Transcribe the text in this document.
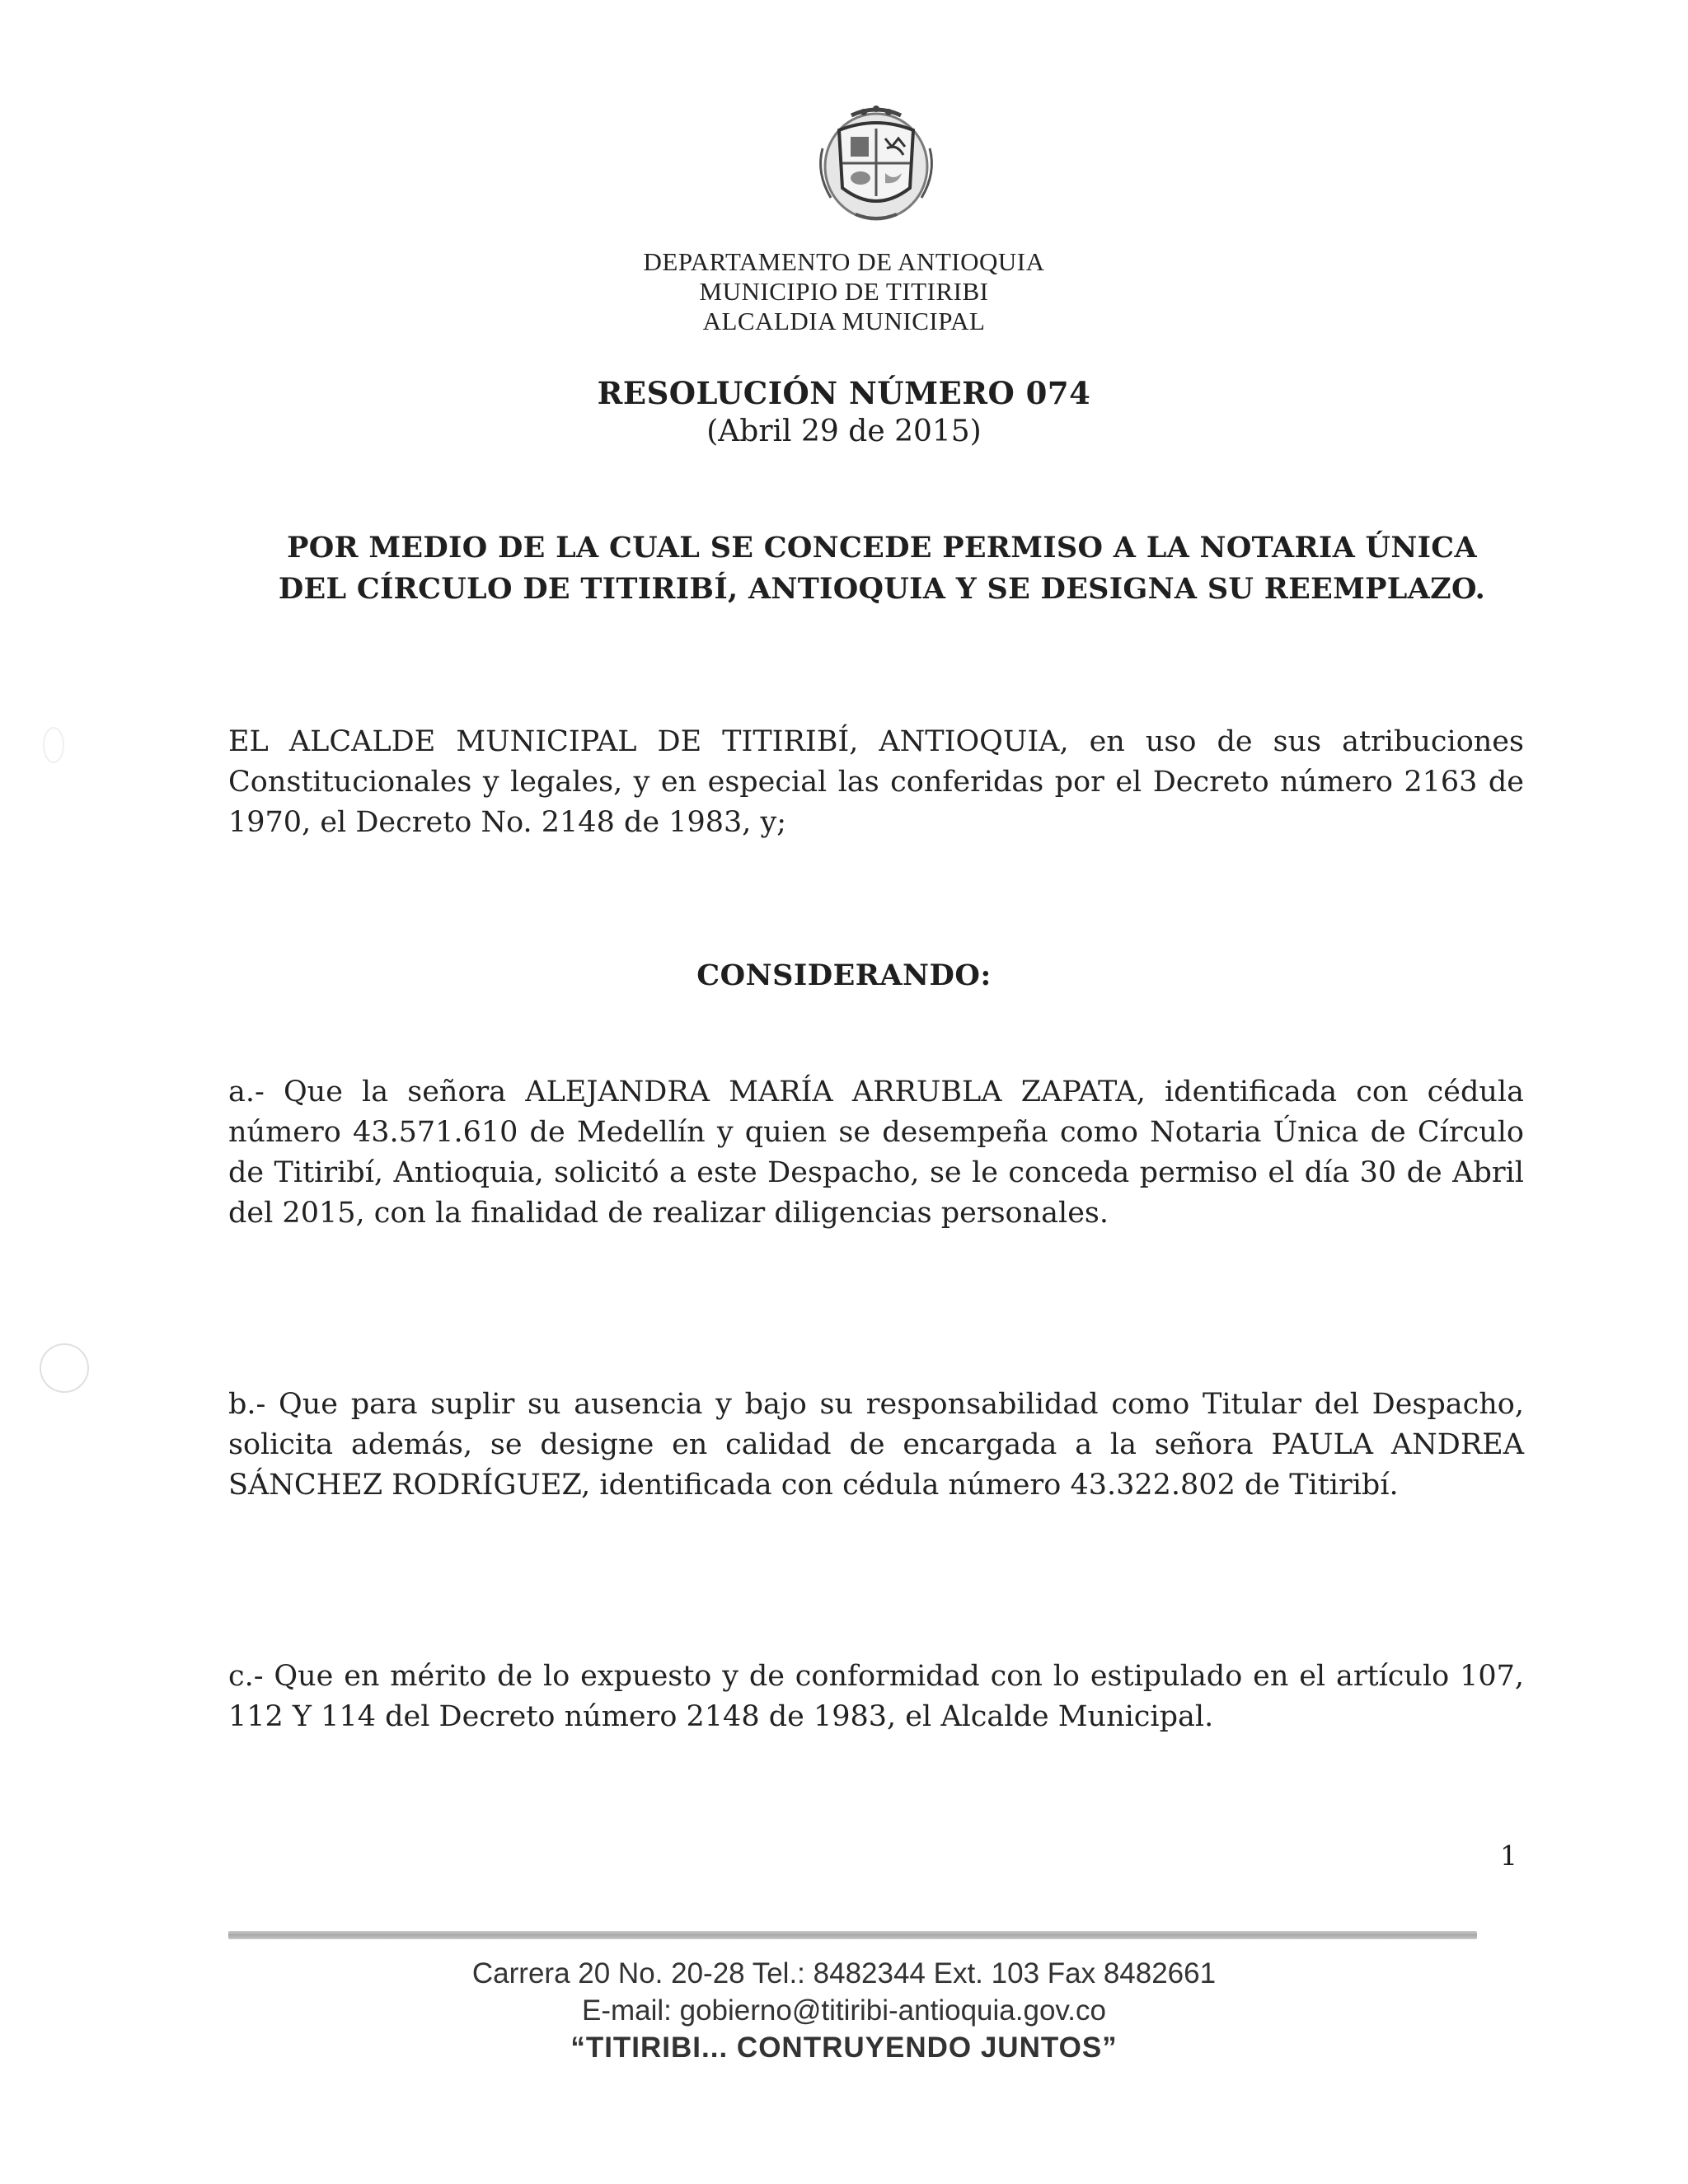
DEPARTAMENTO DE ANTIOQUIA
MUNICIPIO DE TITIRIBI
ALCALDIA MUNICIPAL
RESOLUCIÓN NÚMERO 074
(Abril 29 de 2015)
POR MEDIO DE LA CUAL SE CONCEDE PERMISO A LA NOTARIA ÚNICA
DEL CÍRCULO DE TITIRIBÍ, ANTIOQUIA Y SE DESIGNA SU REEMPLAZO.
EL ALCALDE MUNICIPAL DE TITIRIBÍ, ANTIOQUIA, en uso de sus atribuciones Constitucionales y legales, y en especial las conferidas por el Decreto número 2163 de 1970, el Decreto No. 2148 de 1983, y;
CONSIDERANDO:
a.- Que la señora ALEJANDRA MARÍA ARRUBLA ZAPATA, identificada con cédula número 43.571.610 de Medellín y quien se desempeña como Notaria Única de Círculo de Titiribí, Antioquia, solicitó a este Despacho, se le conceda permiso el día 30 de Abril del 2015, con la finalidad de realizar diligencias personales.
b.- Que para suplir su ausencia y bajo su responsabilidad como Titular del Despacho, solicita además, se designe en calidad de encargada a la señora PAULA ANDREA SÁNCHEZ RODRÍGUEZ, identificada con cédula número 43.322.802 de Titiribí.
c.- Que en mérito de lo expuesto y de conformidad con lo estipulado en el artículo 107, 112 Y 114 del Decreto número 2148 de 1983, el Alcalde Municipal.
1
Carrera 20 No. 20-28 Tel.: 8482344 Ext. 103 Fax 8482661
E-mail: gobierno@titiribi-antioquia.gov.co
“TITIRIBI... CONTRUYENDO JUNTOS”
